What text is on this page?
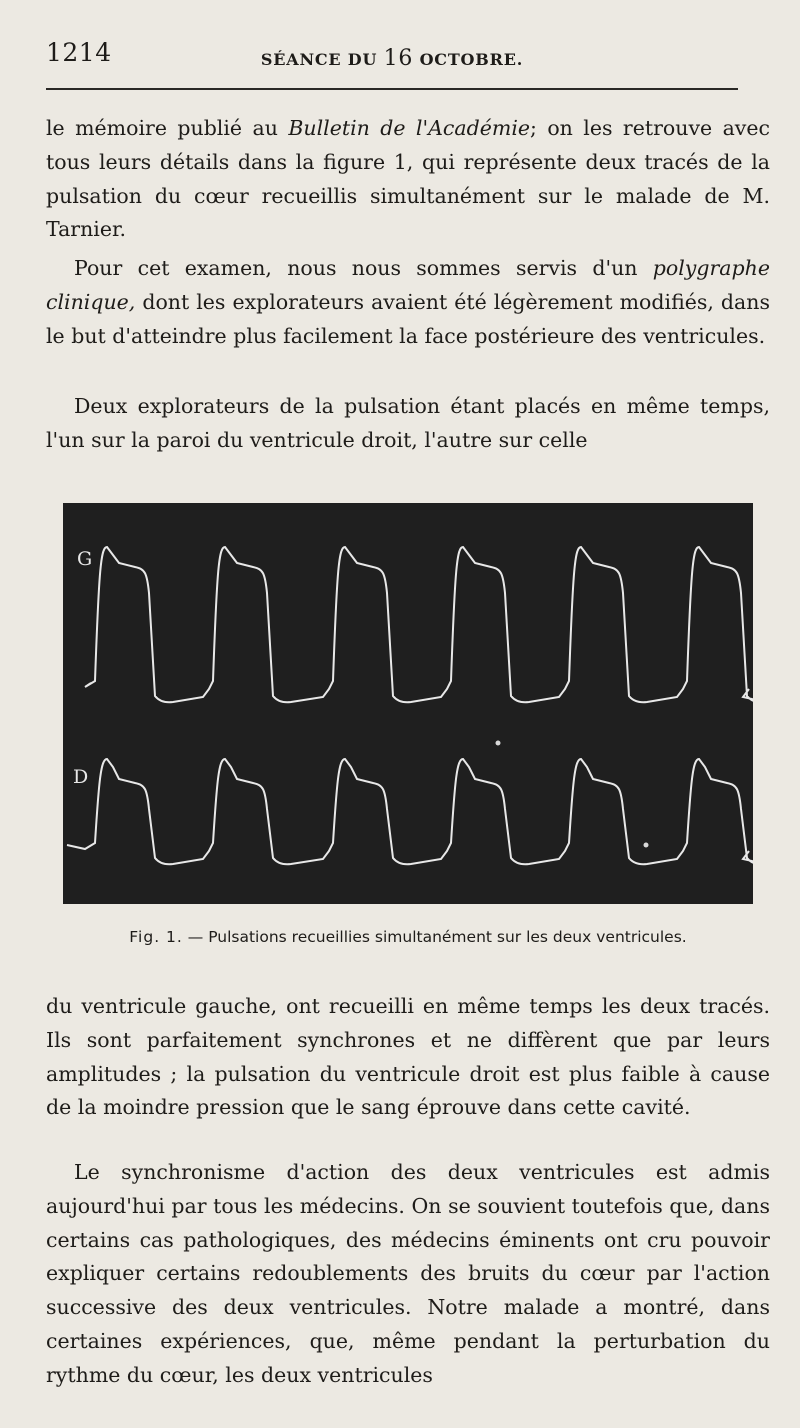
1214	SÉANCE DU 16 OCTOBRE.

le mémoire publié au Bulletin de l'Académie; on les retrouve avec tous leurs détails dans la figure 1, qui représente deux tracés de la pulsation du cœur recueillis simultanément sur le malade de M. Tarnier.

Pour cet examen, nous nous sommes servis d'un polygraphe clinique, dont les explorateurs avaient été légèrement modifiés, dans le but d'atteindre plus facilement la face postérieure des ventricules.

Deux explorateurs de la pulsation étant placés en même temps, l'un sur la paroi du ventricule droit, l'autre sur celle

G
D
Fig. 1. — Pulsations recueillies simultanément sur les deux ventricules.

du ventricule gauche, ont recueilli en même temps les deux tracés. Ils sont parfaitement synchrones et ne diffèrent que par leurs amplitudes ; la pulsation du ventricule droit est plus faible à cause de la moindre pression que le sang éprouve dans cette cavité.

Le synchronisme d'action des deux ventricules est admis aujourd'hui par tous les médecins. On se souvient toutefois que, dans certains cas pathologiques, des médecins éminents ont cru pouvoir expliquer certains redoublements des bruits du cœur par l'action successive des deux ventricules. Notre malade a montré, dans certaines expériences, que, même pendant la perturbation du rythme du cœur, les deux ventricules
